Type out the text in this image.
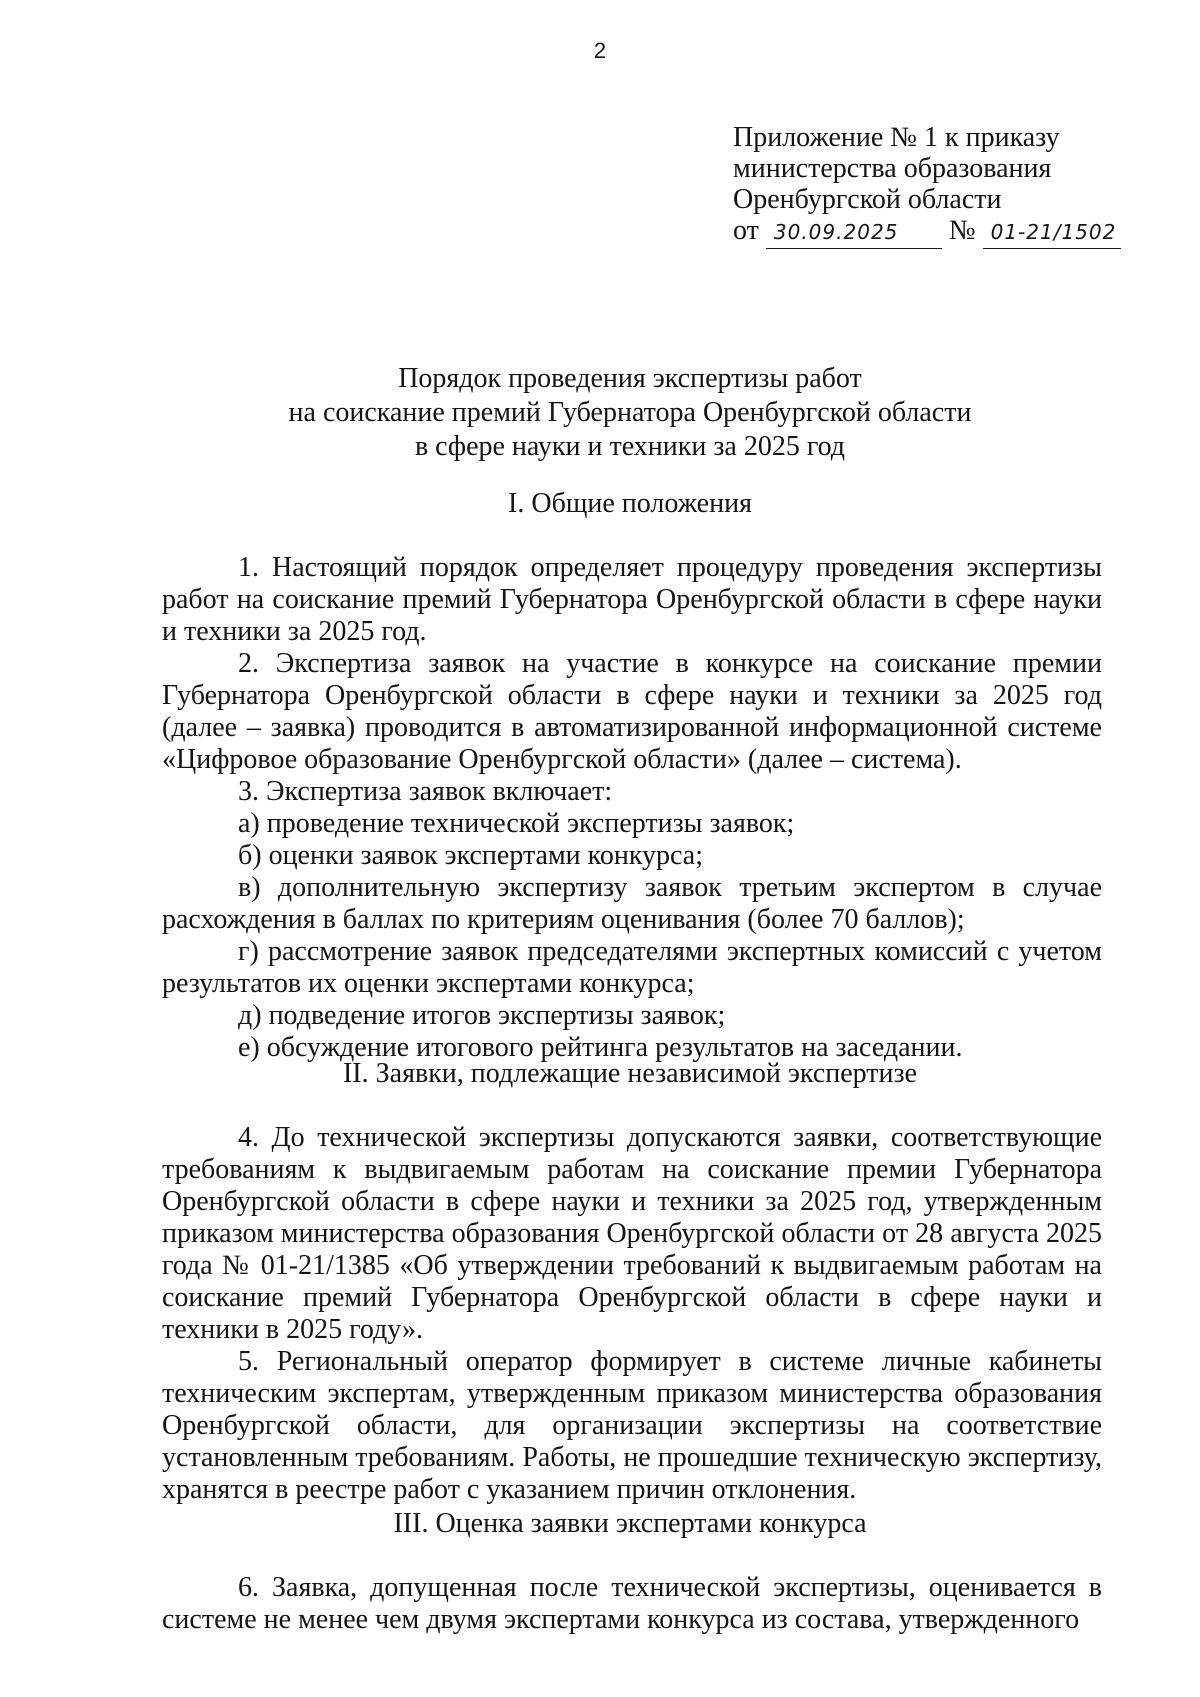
2
Приложение № 1 к приказу
министерства образования
Оренбургской области
от 30.09.2025 № 01-21/1502
Порядок проведения экспертизы работ
на соискание премий Губернатора Оренбургской области
в сфере науки и техники за 2025 год
I. Общие положения

1. Настоящий порядок определяет процедуру проведения экспертизы работ на соискание премий Губернатора Оренбургской области в сфере науки и техники за 2025 год.

2. Экспертиза заявок на участие в конкурсе на соискание премии Губернатора Оренбургской области в сфере науки и техники за 2025 год (далее – заявка) проводится в автоматизированной информационной системе «Цифровое образование Оренбургской области» (далее – система).

3. Экспертиза заявок включает:

а) проведение технической экспертизы заявок;

б) оценки заявок экспертами конкурса;

в) дополнительную экспертизу заявок третьим экспертом в случае расхождения в баллах по критериям оценивания (более 70 баллов);

г) рассмотрение заявок председателями экспертных комиссий с учетом результатов их оценки экспертами конкурса;

д) подведение итогов экспертизы заявок;

е) обсуждение итогового рейтинга результатов на заседании.

II. Заявки, подлежащие независимой экспертизе

4. До технической экспертизы допускаются заявки, соответствующие требованиям к выдвигаемым работам на соискание премии Губернатора Оренбургской области в сфере науки и техники за 2025 год, утвержденным приказом министерства образования Оренбургской области от 28 августа 2025 года № 01-21/1385 «Об утверждении требований к выдвигаемым работам на соискание премий Губернатора Оренбургской области в сфере науки и техники в 2025 году».

5. Региональный оператор формирует в системе личные кабинеты техническим экспертам, утвержденным приказом министерства образования Оренбургской области, для организации экспертизы на соответствие установленным требованиям. Работы, не прошедшие техническую экспертизу, хранятся в реестре работ с указанием причин отклонения.

III. Оценка заявки экспертами конкурса

6. Заявка, допущенная после технической экспертизы, оценивается в системе не менее чем двумя экспертами конкурса из состава, утвержденного
